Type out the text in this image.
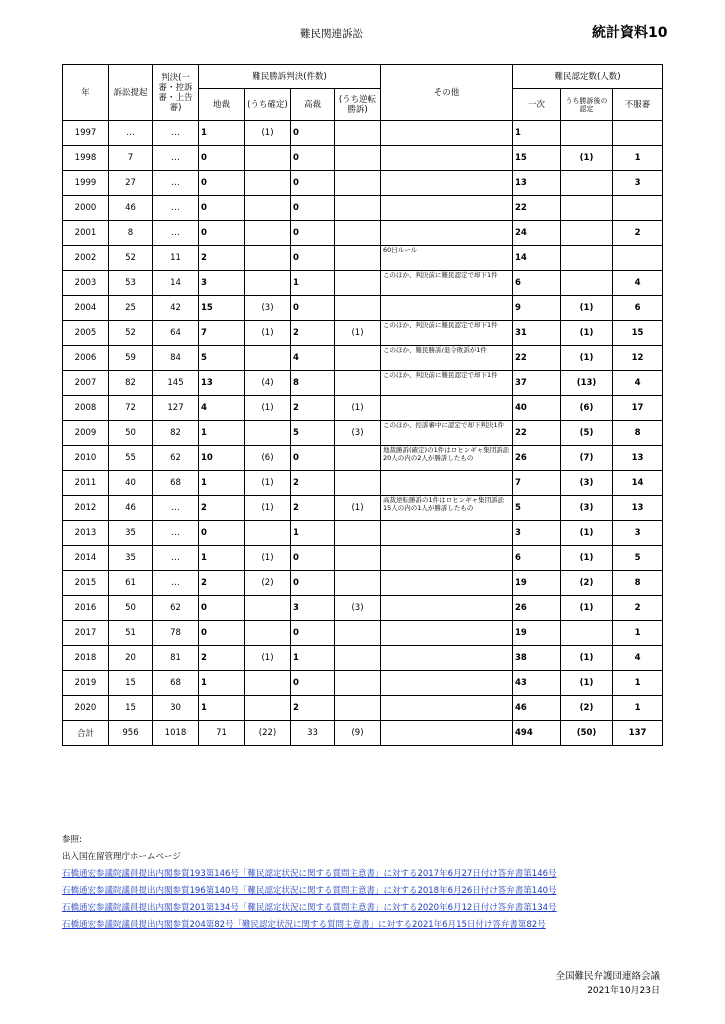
難民関連訴訟	統計資料10
年	訴訟提起	判決(一審・控訴審・上告審)	難民勝訴判決(件数)				その他	難民認定数(人数)		
			地裁	(うち確定)	高裁	(うち逆転勝訴)		一次	うち勝訴後の認定	不服審
1997	…	…	1	(1)	0			1		
1998	7	…	0		0			15	(1)	1
1999	27	…	0		0			13		3
2000	46	…	0		0			22		
2001	8	…	0		0			24		2
2002	52	11	2		0		60日ルール	14		
2003	53	14	3		1		このほか、判決前に難民認定で却下1件	6		4
2004	25	42	15	(3)	0			9	(1)	6
2005	52	64	7	(1)	2	(1)	このほか、判決前に難民認定で却下1件	31	(1)	15
2006	59	84	5		4		このほか、難民勝訴/退令敗訴が1件	22	(1)	12
2007	82	145	13	(4)	8		このほか、判決前に難民認定で却下1件	37	(13)	4
2008	72	127	4	(1)	2	(1)		40	(6)	17
2009	50	82	1		5	(3)	このほか、控訴審中に認定で却下判決1件	22	(5)	8
2010	55	62	10	(6)	0		地裁勝訴(確定)の1件はロヒンギャ集団訴訟20人の内の2人が勝訴したもの	26	(7)	13
2011	40	68	1	(1)	2			7	(3)	14
2012	46	…	2	(1)	2	(1)	高裁逆転勝訴の1件はロヒンギャ集団訴訟15人の内の1人が勝訴したもの	5	(3)	13
2013	35	…	0		1			3	(1)	3
2014	35	…	1	(1)	0			6	(1)	5
2015	61	…	2	(2)	0			19	(2)	8
2016	50	62	0		3	(3)		26	(1)	2
2017	51	78	0		0			19		1
2018	20	81	2	(1)	1			38	(1)	4
2019	15	68	1		0			43	(1)	1
2020	15	30	1		2			46	(2)	1
合計	956	1018	71	(22)	33	(9)		494	(50)	137
参照:
出入国在留管理庁ホームページ
石橋通宏参議院議員提出内閣参質193第146号「難民認定状況に関する質問主意書」に対する2017年6月27日付け答弁書第146号
石橋通宏参議院議員提出内閣参質196第140号「難民認定状況に関する質問主意書」に対する2018年6月26日付け答弁書第140号
石橋通宏参議院議員提出内閣参質201第134号「難民認定状況に関する質問主意書」に対する2020年6月12日付け答弁書第134号
石橋通宏参議院議員提出内閣参質204第82号「難民認定状況に関する質問主意書」に対する2021年6月15日付け答弁書第82号
全国難民弁護団連絡会議
2021年10月23日
